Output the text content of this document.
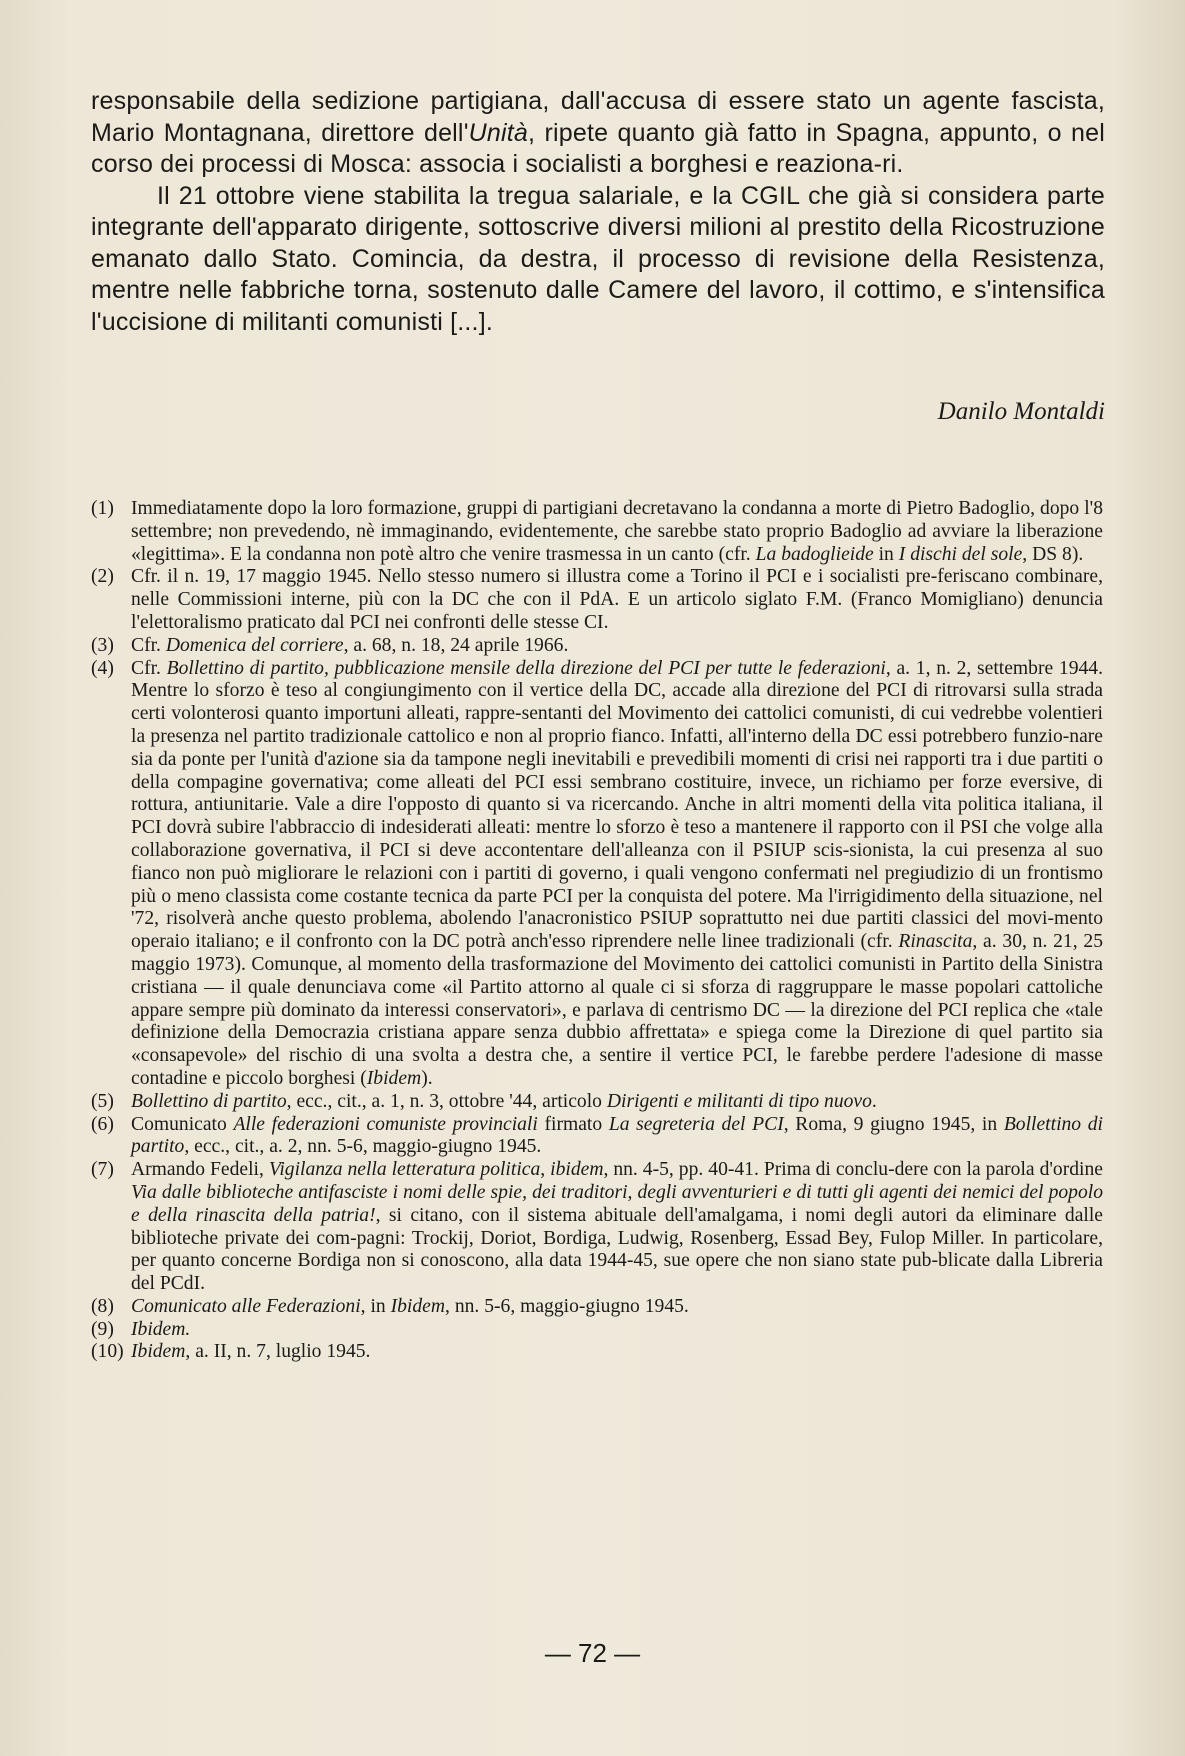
responsabile della sedizione partigiana, dall'accusa di essere stato un agente fascista, Mario Montagnana, direttore dell'Unità, ripete quanto già fatto in Spagna, appunto, o nel corso dei processi di Mosca: associa i socialisti a borghesi e reaziona-ri.

Il 21 ottobre viene stabilita la tregua salariale, e la CGIL che già si considera parte integrante dell'apparato dirigente, sottoscrive diversi milioni al prestito della Ricostruzione emanato dallo Stato. Comincia, da destra, il processo di revisione della Resistenza, mentre nelle fabbriche torna, sostenuto dalle Camere del lavoro, il cottimo, e s'intensifica l'uccisione di militanti comunisti [...].

Danilo Montaldi
(1) Immediatamente dopo la loro formazione, gruppi di partigiani decretavano la condanna a morte di Pietro Badoglio, dopo l'8 settembre; non prevedendo, nè immaginando, evidentemente, che sarebbe stato proprio Badoglio ad avviare la liberazione «legittima». E la condanna non potè altro che venire trasmessa in un canto (cfr. La badoglieide in I dischi del sole, DS 8).
(2) Cfr. il n. 19, 17 maggio 1945. Nello stesso numero si illustra come a Torino il PCI e i socialisti pre-feriscano combinare, nelle Commissioni interne, più con la DC che con il PdA. E un articolo siglato F.M. (Franco Momigliano) denuncia l'elettoralismo praticato dal PCI nei confronti delle stesse CI.
(3) Cfr. Domenica del corriere, a. 68, n. 18, 24 aprile 1966.
(4) Cfr. Bollettino di partito, pubblicazione mensile della direzione del PCI per tutte le federazioni, a. 1, n. 2, settembre 1944. Mentre lo sforzo è teso al congiungimento con il vertice della DC, accade alla direzione del PCI di ritrovarsi sulla strada certi volonterosi quanto importuni alleati, rappre-sentanti del Movimento dei cattolici comunisti, di cui vedrebbe volentieri la presenza nel partito tradizionale cattolico e non al proprio fianco. Infatti, all'interno della DC essi potrebbero funzio-nare sia da ponte per l'unità d'azione sia da tampone negli inevitabili e prevedibili momenti di crisi nei rapporti tra i due partiti o della compagine governativa; come alleati del PCI essi sembrano costituire, invece, un richiamo per forze eversive, di rottura, antiunitarie. Vale a dire l'opposto di quanto si va ricercando. Anche in altri momenti della vita politica italiana, il PCI dovrà subire l'abbraccio di indesiderati alleati: mentre lo sforzo è teso a mantenere il rapporto con il PSI che volge alla collaborazione governativa, il PCI si deve accontentare dell'alleanza con il PSIUP scis-sionista, la cui presenza al suo fianco non può migliorare le relazioni con i partiti di governo, i quali vengono confermati nel pregiudizio di un frontismo più o meno classista come costante tecnica da parte PCI per la conquista del potere. Ma l'irrigidimento della situazione, nel '72, risolverà anche questo problema, abolendo l'anacronistico PSIUP soprattutto nei due partiti classici del movi-mento operaio italiano; e il confronto con la DC potrà anch'esso riprendere nelle linee tradizionali (cfr. Rinascita, a. 30, n. 21, 25 maggio 1973). Comunque, al momento della trasformazione del Movimento dei cattolici comunisti in Partito della Sinistra cristiana — il quale denunciava come «il Partito attorno al quale ci si sforza di raggruppare le masse popolari cattoliche appare sempre più dominato da interessi conservatori», e parlava di centrismo DC — la direzione del PCI replica che «tale definizione della Democrazia cristiana appare senza dubbio affrettata» e spiega come la Direzione di quel partito sia «consapevole» del rischio di una svolta a destra che, a sentire il vertice PCI, le farebbe perdere l'adesione di masse contadine e piccolo borghesi (Ibidem).
(5) Bollettino di partito, ecc., cit., a. 1, n. 3, ottobre '44, articolo Dirigenti e militanti di tipo nuovo.
(6) Comunicato Alle federazioni comuniste provinciali firmato La segreteria del PCI, Roma, 9 giugno 1945, in Bollettino di partito, ecc., cit., a. 2, nn. 5-6, maggio-giugno 1945.
(7) Armando Fedeli, Vigilanza nella letteratura politica, ibidem, nn. 4-5, pp. 40-41. Prima di conclu-dere con la parola d'ordine Via dalle biblioteche antifasciste i nomi delle spie, dei traditori, degli avventurieri e di tutti gli agenti dei nemici del popolo e della rinascita della patria!, si citano, con il sistema abituale dell'amalgama, i nomi degli autori da eliminare dalle biblioteche private dei com-pagni: Trockij, Doriot, Bordiga, Ludwig, Rosenberg, Essad Bey, Fulop Miller. In particolare, per quanto concerne Bordiga non si conoscono, alla data 1944-45, sue opere che non siano state pub-blicate dalla Libreria del PCdI.
(8) Comunicato alle Federazioni, in Ibidem, nn. 5-6, maggio-giugno 1945.
(9) Ibidem.
(10) Ibidem, a. II, n. 7, luglio 1945.
— 72 —
